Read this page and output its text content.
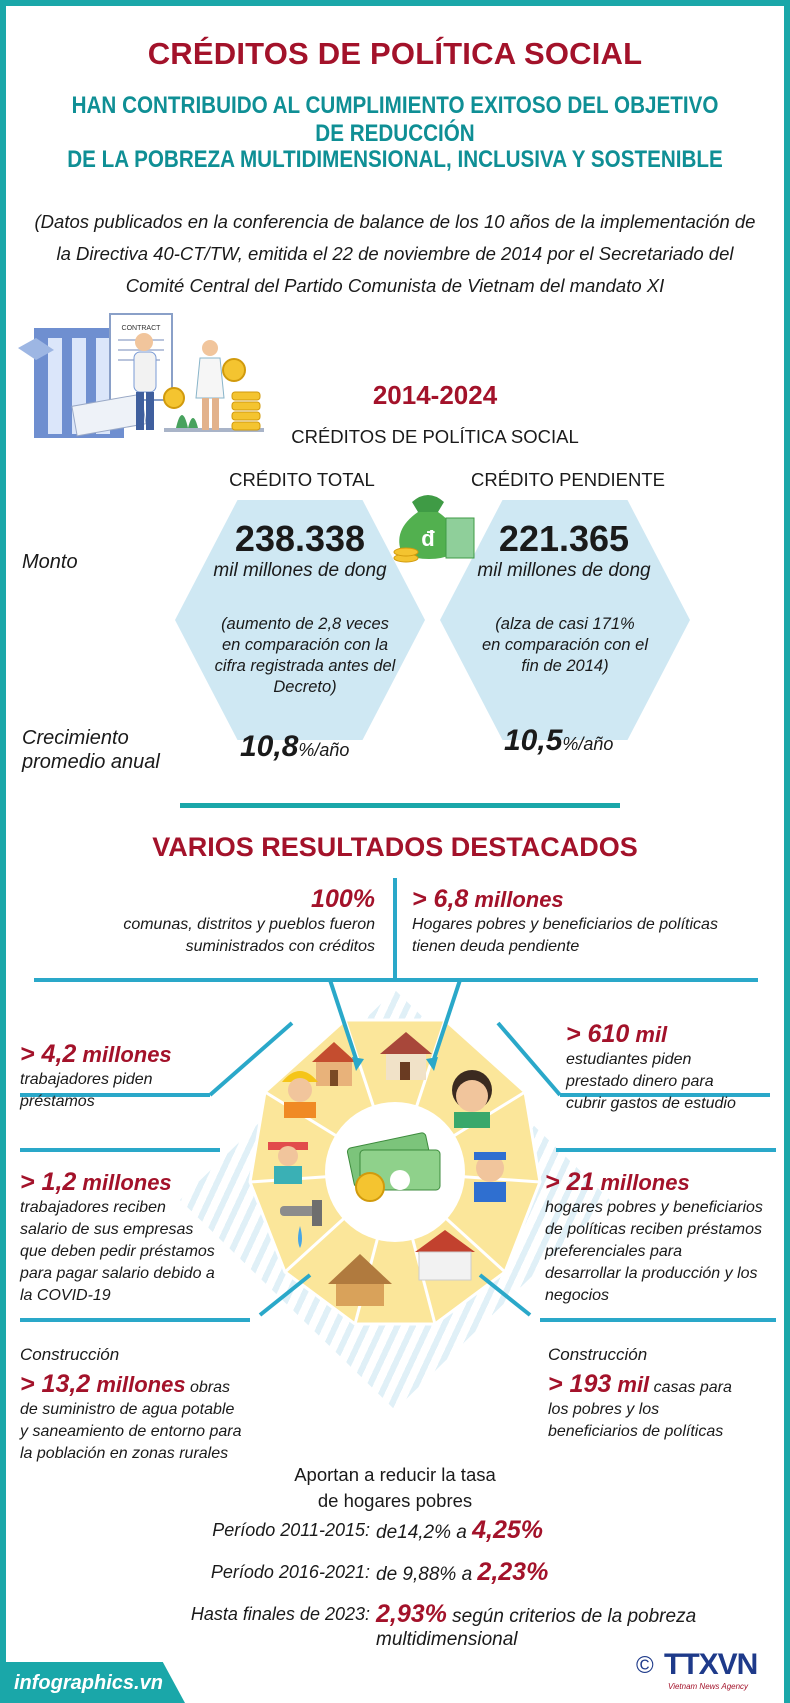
CRÉDITOS DE POLÍTICA SOCIAL
HAN CONTRIBUIDO AL CUMPLIMIENTO EXITOSO DEL OBJETIVO DE REDUCCIÓN
DE LA POBREZA MULTIDIMENSIONAL, INCLUSIVA Y SOSTENIBLE
(Datos publicados en la conferencia de balance de los 10 años de la implementación de
la Directiva 40-CT/TW, emitida el 22 de noviembre de 2014 por el Secretariado del
Comité Central del Partido Comunista de Vietnam del mandato XI
CONTRACT
2014-2024
CRÉDITOS DE POLÍTICA SOCIAL
CRÉDITO TOTAL	CRÉDITO PENDIENTE
đ
Monto
238.338
mil millones de dong
(aumento de 2,8 veces
en comparación con la
cifra registrada antes del
Decreto)
221.365
mil millones de dong
(alza de casi 171%
en comparación con el
fin de 2014)
Crecimiento
promedio anual	10,8%/año	10,5%/año
VARIOS RESULTADOS DESTACADOS
100%
comunas, distritos y pueblos fueron
suministrados con créditos
> 6,8 millones
Hogares pobres y beneficiarios de políticas
tienen deuda pendiente
> 4,2 millones
trabajadores piden
préstamos
> 610 mil
estudiantes piden
prestado dinero para
cubrir gastos de estudio
> 1,2 millones
trabajadores reciben
salario de sus empresas
que deben pedir préstamos
para pagar salario debido a
la COVID-19
> 21 millones
hogares pobres y beneficiarios
de políticas reciben préstamos
preferenciales para
desarrollar la producción y los
negocios
Construcción
> 13,2 millones obras
de suministro de agua potable
y saneamiento de entorno para
la población en zonas rurales
Construcción
> 193 mil casas para
los pobres y los
beneficiarios de políticas
Aportan a reducir la tasa
de hogares pobres
Período 2011-2015: de14,2% a 4,25%
Período 2016-2021: de 9,88% a 2,23%
Hasta finales de 2023: 2,93% según criterios de la pobreza
multidimensional
infographics.vn
© TTXVN
Vietnam News Agency
